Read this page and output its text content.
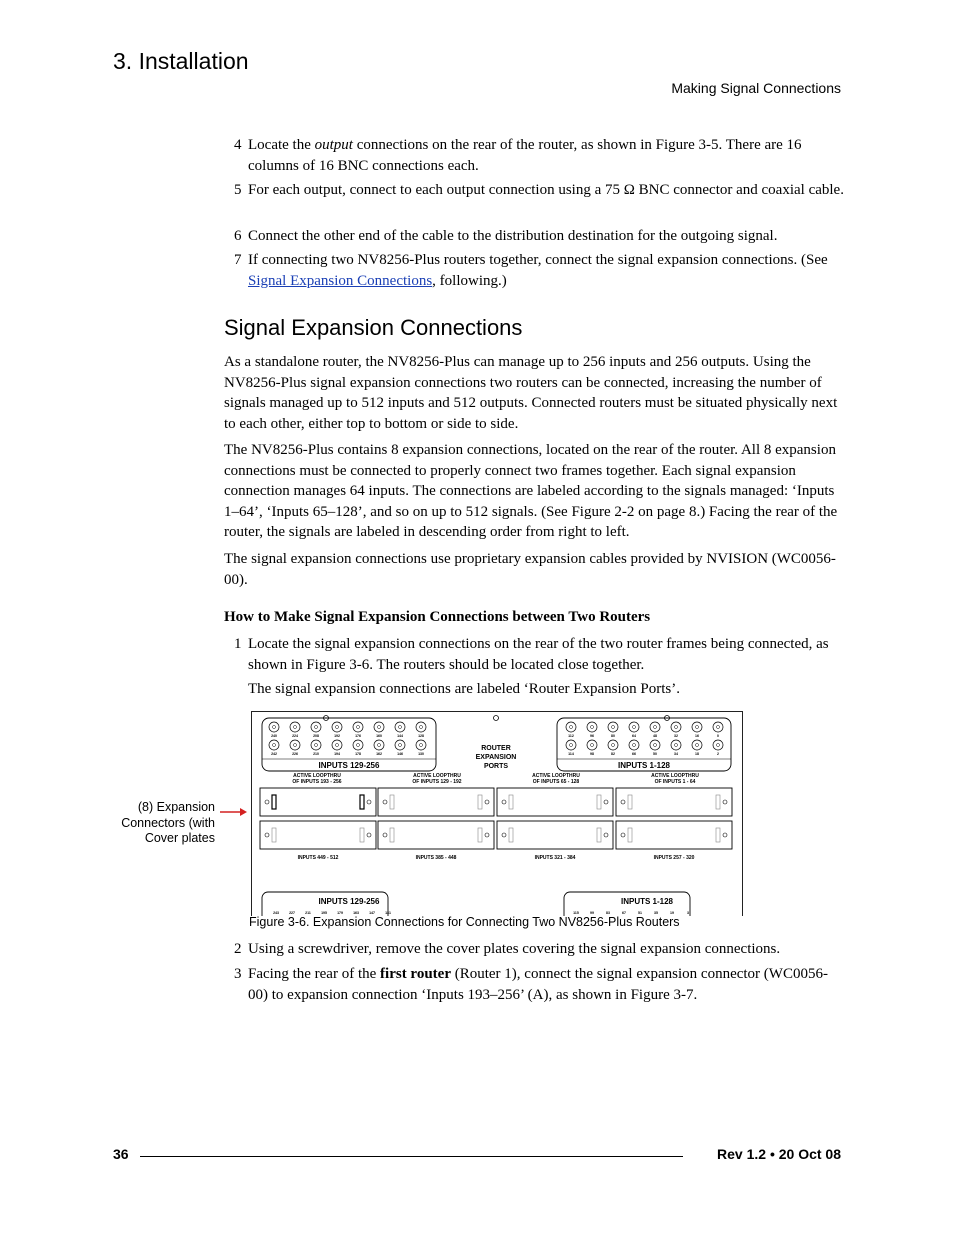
3. Installation
Making Signal Connections
4 Locate the output connections on the rear of the router, as shown in Figure 3-5. There are 16 columns of 16 BNC connections each.
5 For each output, connect to each output connection using a 75 Ω BNC connector and coaxial cable.
6 Connect the other end of the cable to the distribution destination for the outgoing signal.
7 If connecting two NV8256-Plus routers together, connect the signal expansion connections. (See Signal Expansion Connections, following.)
Signal Expansion Connections
As a standalone router, the NV8256-Plus can manage up to 256 inputs and 256 outputs. Using the NV8256-Plus signal expansion connections two routers can be connected, increasing the number of signals managed up to 512 inputs and 512 outputs. Connected routers must be situated physically next to each other, either top to bottom or side to side.
The NV8256-Plus contains 8 expansion connections, located on the rear of the router. All 8 expansion connections must be connected to properly connect two frames together. Each signal expansion connection manages 64 inputs. The connections are labeled according to the signals managed: ‘Inputs 1–64’, ‘Inputs 65–128’, and so on up to 512 signals. (See Figure 2-2 on page 8.) Facing the rear of the router, the signals are labeled in descending order from right to left.
The signal expansion connections use proprietary expansion cables provided by NVISION (WC0056-00).
How to Make Signal Expansion Connections between Two Routers
1 Locate the signal expansion connections on the rear of the two router frames being connected, as shown in Figure 3-6. The routers should be located close together.
The signal expansion connections are labeled ‘Router Expansion Ports’.
(8) Expansion Connectors (with Cover plates
240	224	208	192	176	160	144	128
242	226	210	194	178	162	146	130
112	96	80	64	48	32	16	0
114	98	82	66	50	34	18	2
INPUTS 129-256	INPUTS 1-128
ROUTER
EXPANSION
PORTS
ACTIVE LOOPTHRU
OF INPUTS 193 - 256
ACTIVE LOOPTHRU
OF INPUTS 129 - 192
ACTIVE LOOPTHRU
OF INPUTS 65 - 128
ACTIVE LOOPTHRU
OF INPUTS 1 - 64
INPUTS 449 - 512	INPUTS 385 - 448	INPUTS 321 - 384	INPUTS 257 - 320
INPUTS 129-256	INPUTS 1-128
243	227	211	195	179	163	147	131	115	99	83	67	51	35	19	3
Figure 3-6. Expansion Connections for Connecting Two NV8256-Plus Routers
2 Using a screwdriver, remove the cover plates covering the signal expansion connections.
3 Facing the rear of the first router (Router 1), connect the signal expansion connector (WC0056-00) to expansion connection ‘Inputs 193–256’ (A), as shown in Figure 3-7.
36	Rev 1.2 • 20 Oct 08
